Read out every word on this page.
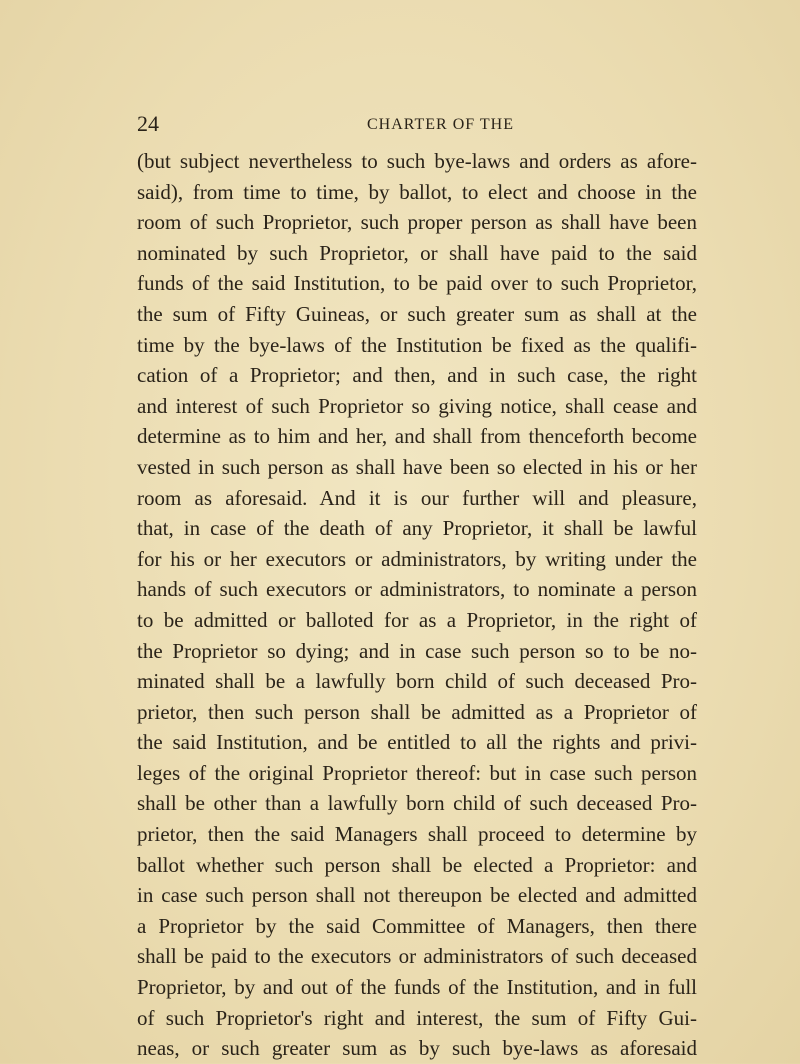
24	CHARTER OF THE
(but subject nevertheless to such bye-laws and orders as afore-
said), from time to time, by ballot, to elect and choose in the
room of such Proprietor, such proper person as shall have been
nominated by such Proprietor, or shall have paid to the said
funds of the said Institution, to be paid over to such Proprietor,
the sum of Fifty Guineas, or such greater sum as shall at the
time by the bye-laws of the Institution be fixed as the qualifi-
cation of a Proprietor; and then, and in such case, the right
and interest of such Proprietor so giving notice, shall cease and
determine as to him and her, and shall from thenceforth become
vested in such person as shall have been so elected in his or her
room as aforesaid. And it is our further will and pleasure,
that, in case of the death of any Proprietor, it shall be lawful
for his or her executors or administrators, by writing under the
hands of such executors or administrators, to nominate a person
to be admitted or balloted for as a Proprietor, in the right of
the Proprietor so dying; and in case such person so to be no-
minated shall be a lawfully born child of such deceased Pro-
prietor, then such person shall be admitted as a Proprietor of
the said Institution, and be entitled to all the rights and privi-
leges of the original Proprietor thereof: but in case such person
shall be other than a lawfully born child of such deceased Pro-
prietor, then the said Managers shall proceed to determine by
ballot whether such person shall be elected a Proprietor: and
in case such person shall not thereupon be elected and admitted
a Proprietor by the said Committee of Managers, then there
shall be paid to the executors or administrators of such deceased
Proprietor, by and out of the funds of the Institution, and in full
of such Proprietor's right and interest, the sum of Fifty Gui-
neas, or such greater sum as by such bye-laws as aforesaid
